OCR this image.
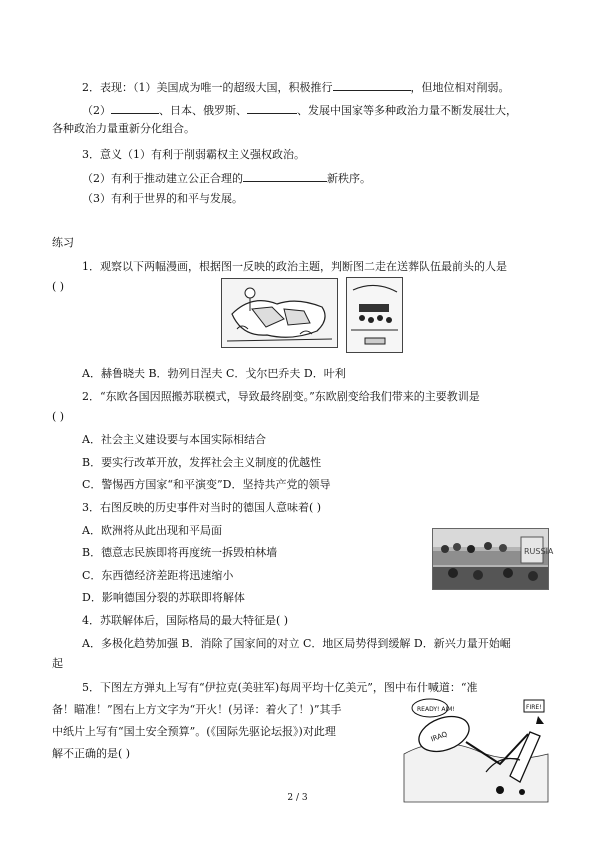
2．表现：（1）美国成为唯一的超级大国，积极推行	，但地位相对削弱。
（2）	、日本、俄罗斯、	、发展中国家等多种政治力量不断发展壮大，
各种政治力量重新分化组合。
3．意义（1）有利于削弱霸权主义强权政治。
（2）有利于推动建立公正合理的	新秩序。
（3）有利于世界的和平与发展。
练习
1．观察以下两幅漫画，根据图一反映的政治主题，判断图二走在送葬队伍最前头的人是
( )
A．赫鲁晓夫 B．勃列日涅夫 C．戈尔巴乔夫 D．叶利
2．“东欧各国因照搬苏联模式，导致最终剧变。”东欧剧变给我们带来的主要教训是
( )
A．社会主义建设要与本国实际相结合
B．要实行改革开放，发挥社会主义制度的优越性
C．警惕西方国家“和平演变”D．坚持共产党的领导
3．右图反映的历史事件对当时的德国人意味着( )
A．欧洲将从此出现和平局面
B．德意志民族即将再度统一拆毁柏林墙
C．东西德经济差距将迅速缩小
D．影响德国分裂的苏联即将解体
RUSSIA
4．苏联解体后，国际格局的最大特征是( )
A．多极化趋势加强 B．消除了国家间的对立 C．地区局势得到缓解 D．新兴力量开始崛
起
5．下图左方弹丸上写有“伊拉克(美驻军)每周平均十亿美元”，图中布什喊道：“准
备！瞄准！”图右上方文字为“开火！(另译：着火了！)”其手
中纸片上写有“国土安全预算”。(《国际先驱论坛报》)对此理
解不正确的是( )
IRAQ
READY! AIM!	FIRE!
2 / 3
